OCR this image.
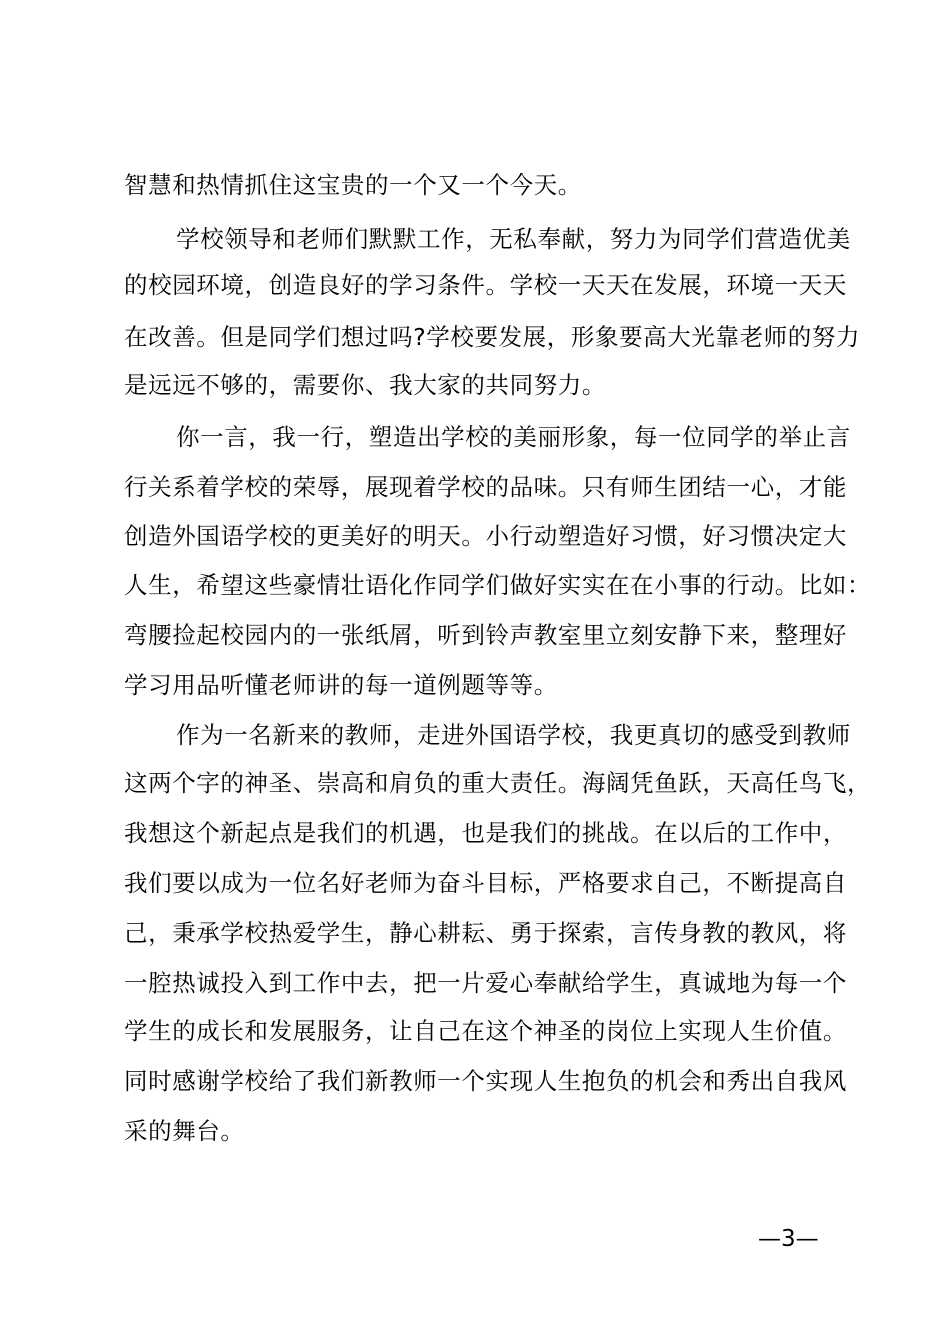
智慧和热情抓住这宝贵的一个又一个今天。
学校领导和老师们默默工作，无私奉献，努力为同学们营造优美
的校园环境，创造良好的学习条件。学校一天天在发展，环境一天天
在改善。但是同学们想过吗?学校要发展，形象要高大光靠老师的努力
是远远不够的，需要你、我大家的共同努力。
你一言，我一行，塑造出学校的美丽形象，每一位同学的举止言
行关系着学校的荣辱，展现着学校的品味。只有师生团结一心，才能
创造外国语学校的更美好的明天。小行动塑造好习惯，好习惯决定大
人生，希望这些豪情壮语化作同学们做好实实在在小事的行动。比如：
弯腰捡起校园内的一张纸屑，听到铃声教室里立刻安静下来，整理好
学习用品听懂老师讲的每一道例题等等。
作为一名新来的教师，走进外国语学校，我更真切的感受到教师
这两个字的神圣、崇高和肩负的重大责任。海阔凭鱼跃，天高任鸟飞，
我想这个新起点是我们的机遇，也是我们的挑战。在以后的工作中，
我们要以成为一位名好老师为奋斗目标，严格要求自己，不断提高自
己，秉承学校热爱学生，静心耕耘、勇于探索，言传身教的教风，将
一腔热诚投入到工作中去，把一片爱心奉献给学生，真诚地为每一个
学生的成长和发展服务，让自己在这个神圣的岗位上实现人生价值。
同时感谢学校给了我们新教师一个实现人生抱负的机会和秀出自我风
采的舞台。
—3—
